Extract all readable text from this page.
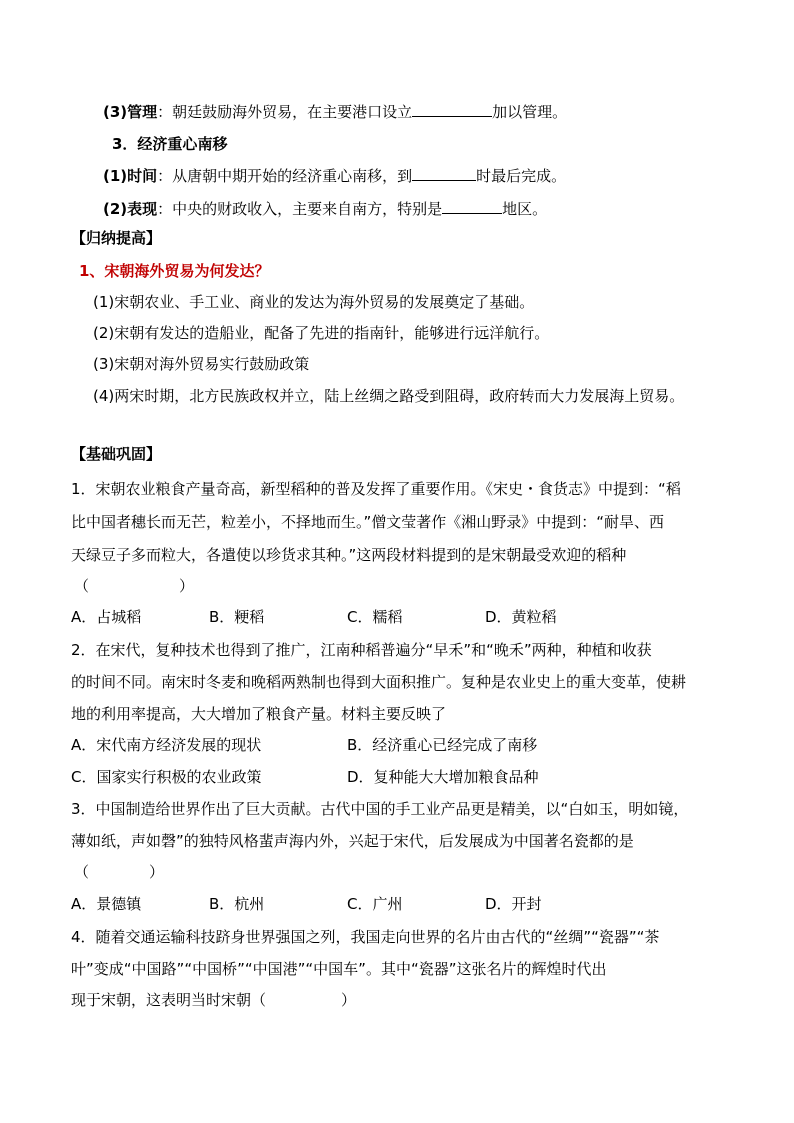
(3)管理：朝廷鼓励海外贸易，在主要港口设立	加以管理。
3．经济重心南移
(1)时间：从唐朝中期开始的经济重心南移，到	时最后完成。
(2)表现：中央的财政收入，主要来自南方，特别是	地区。
【归纳提高】
1、宋朝海外贸易为何发达？
(1)宋朝农业、手工业、商业的发达为海外贸易的发展奠定了基础。
(2)宋朝有发达的造船业，配备了先进的指南针，能够进行远洋航行。
(3)宋朝对海外贸易实行鼓励政策
(4)两宋时期，北方民族政权并立，陆上丝绸之路受到阻碍，政府转而大力发展海上贸易。
【基础巩固】
1．宋朝农业粮食产量奇高，新型稻种的普及发挥了重要作用。《宋史・食货志》中提到：“稻
比中国者穗长而无芒，粒差小，不择地而生。”僧文莹著作《湘山野录》中提到：“耐旱、西
天绿豆子多而粒大，各遣使以珍货求其种。”这两段材料提到的是宋朝最受欢迎的稻种
（　　　　　　）
A．占城稻	B．粳稻	C．糯稻	D．黄粒稻
2．在宋代，复种技术也得到了推广，江南种稻普遍分“早禾”和“晚禾”两种，种植和收获
的时间不同。南宋时冬麦和晚稻两熟制也得到大面积推广。复种是农业史上的重大变革，使耕
地的利用率提高，大大增加了粮食产量。材料主要反映了
A．宋代南方经济发展的现状	B．经济重心已经完成了南移
C．国家实行积极的农业政策	D．复种能大大增加粮食品种
3．中国制造给世界作出了巨大贡献。古代中国的手工业产品更是精美，以“白如玉，明如镜，
薄如纸，声如磬”的独特风格蜚声海内外，兴起于宋代，后发展成为中国著名瓷都的是
（　　　　）
A．景德镇	B．杭州	C．广州	D．开封
4．随着交通运输科技跻身世界强国之列，我国走向世界的名片由古代的“丝绸”“瓷器”“茶
叶”变成“中国路”“中国桥”“中国港”“中国车”。其中“瓷器”这张名片的辉煌时代出
现于宋朝，这表明当时宋朝（　　　　　）
